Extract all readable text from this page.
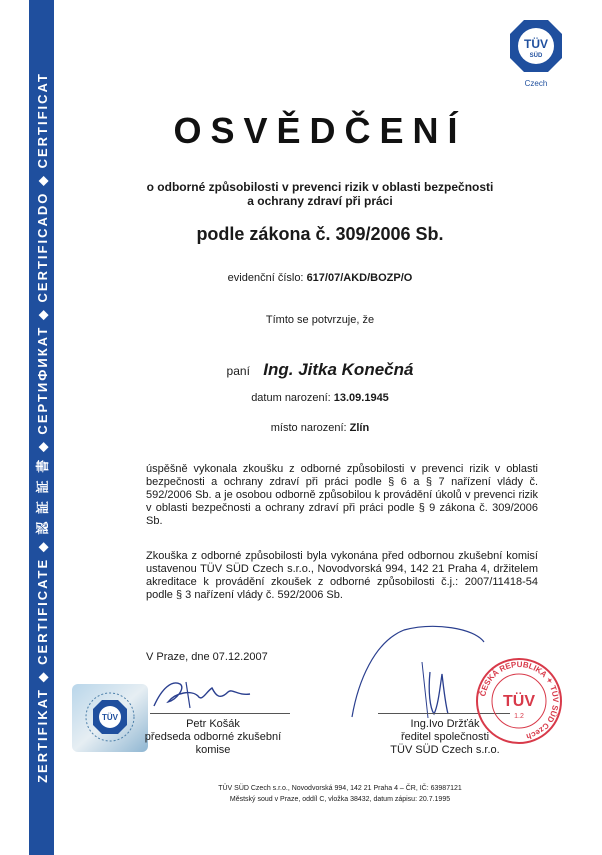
ZERTIFIKAT ◆ CERTIFICATE ◆ 認 証 証 書 ◆ СЕРТИФИКАТ ◆ CERTIFICADO ◆ CERTIFICAT
TÜV
SÜD
Czech
OSVĚDČENÍ
o odborné způsobilosti v prevenci rizik v oblasti bezpečnosti
a ochrany zdraví při práci
podle zákona č. 309/2006 Sb.
evidenční číslo: 617/07/AKD/BOZP/O
Tímto se potvrzuje, že
paní Ing. Jitka Konečná
datum narození: 13.09.1945
místo narození: Zlín
úspěšně vykonala zkoušku z odborné způsobilosti v prevenci rizik v oblasti bezpečnosti a ochrany zdraví při práci podle § 6 a § 7 nařízení vlády č. 592/2006 Sb. a je osobou odborně způsobilou k provádění úkolů v prevenci rizik v oblasti bezpečnosti a ochrany zdraví při práci podle § 9 zákona č. 309/2006 Sb.
Zkouška z odborné způsobilosti byla vykonána před odbornou zkušební komisí ustavenou TÜV SÜD Czech s.r.o., Novodvorská 994, 142 21 Praha 4, držitelem akreditace k provádění zkoušek z odborné způsobilosti č.j.: 2007/11418-54 podle § 3 nařízení vlády č. 592/2006 Sb.
V Praze, dne 07.12.2007
TÜV
Petr Košák
předseda odborné zkušební
komise
Ing.Ivo Držťák
ředitel společnosti
TÜV SÜD Czech s.r.o.
ČESKÁ REPUBLIKA ✦ TÜV SÜD Czech
TÜV
1.2
TÜV SÜD Czech s.r.o., Novodvorská 994, 142 21 Praha 4 – ČR, IČ: 63987121
Městský soud v Praze, oddíl C, vložka 38432, datum zápisu: 20.7.1995
